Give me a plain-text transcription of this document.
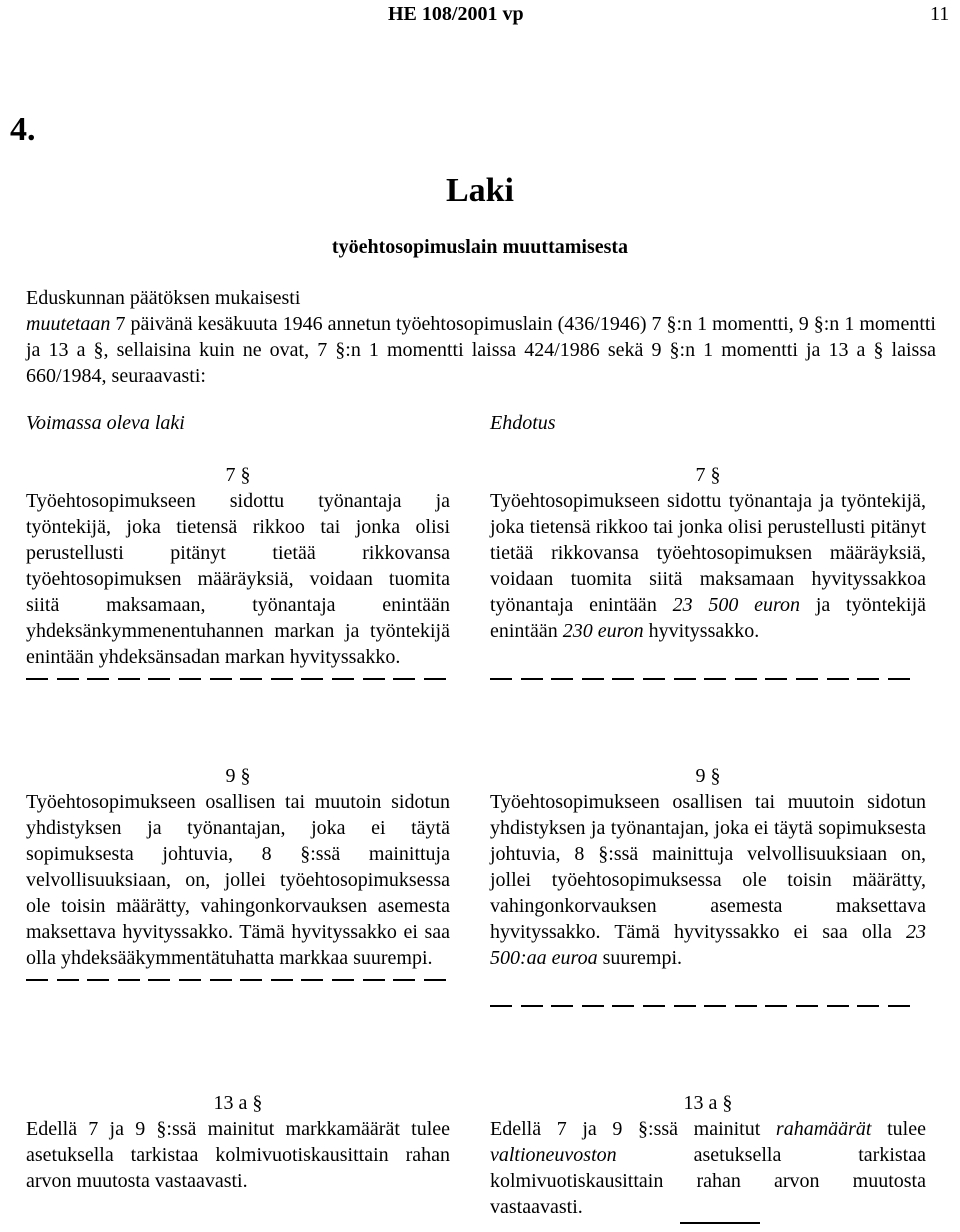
HE 108/2001 vp	11
4.
Laki
työehtosopimuslain muuttamisesta

Eduskunnan päätöksen mukaisesti

muutetaan 7 päivänä kesäkuuta 1946 annetun työehtosopimuslain (436/1946) 7 §:n 1 momentti, 9 §:n 1 momentti ja 13 a §, sellaisina kuin ne ovat, 7 §:n 1 momentti laissa 424/1986 sekä 9 §:n 1 momentti ja 13 a § laissa 660/1984, seuraavasti:

Voimassa oleva laki	Ehdotus

7 §

Työehtosopimukseen sidottu työnantaja ja työntekijä, joka tietensä rikkoo tai jonka olisi perustellusti pitänyt tietää rikkovansa työehtosopimuksen määräyksiä, voidaan tuomita siitä maksamaan, työnantaja enintään yhdeksänkymmenentuhannen markan ja työntekijä enintään yhdeksänsadan markan hyvityssakko.

7 §

Työehtosopimukseen sidottu työnantaja ja työntekijä, joka tietensä rikkoo tai jonka olisi perustellusti pitänyt tietää rikkovansa työehtosopimuksen määräyksiä, voidaan tuomita siitä maksamaan hyvityssakkoa työnantaja enintään 23 500 euron ja työntekijä enintään 230 euron hyvityssakko.

9 §

Työehtosopimukseen osallisen tai muutoin sidotun yhdistyksen ja työnantajan, joka ei täytä sopimuksesta johtuvia, 8 §:ssä mainittuja velvollisuuksiaan, on, jollei työehtosopimuksessa ole toisin määrätty, vahingonkorvauksen asemesta maksettava hyvityssakko. Tämä hyvityssakko ei saa olla yhdeksääkymmentätuhatta markkaa suurempi.

9 §

Työehtosopimukseen osallisen tai muutoin sidotun yhdistyksen ja työnantajan, joka ei täytä sopimuksesta johtuvia, 8 §:ssä mainittuja velvollisuuksiaan on, jollei työehtosopimuksessa ole toisin määrätty, vahingonkorvauksen asemesta maksettava hyvityssakko. Tämä hyvityssakko ei saa olla 23 500:aa euroa suurempi.

13 a §

Edellä 7 ja 9 §:ssä mainitut markkamäärät tulee asetuksella tarkistaa kolmivuotiskausittain rahan arvon muutosta vastaavasti.

13 a §

Edellä 7 ja 9 §:ssä mainitut rahamäärät tulee valtioneuvoston asetuksella tarkistaa kolmivuotiskausittain rahan arvon muutosta vastaavasti.
